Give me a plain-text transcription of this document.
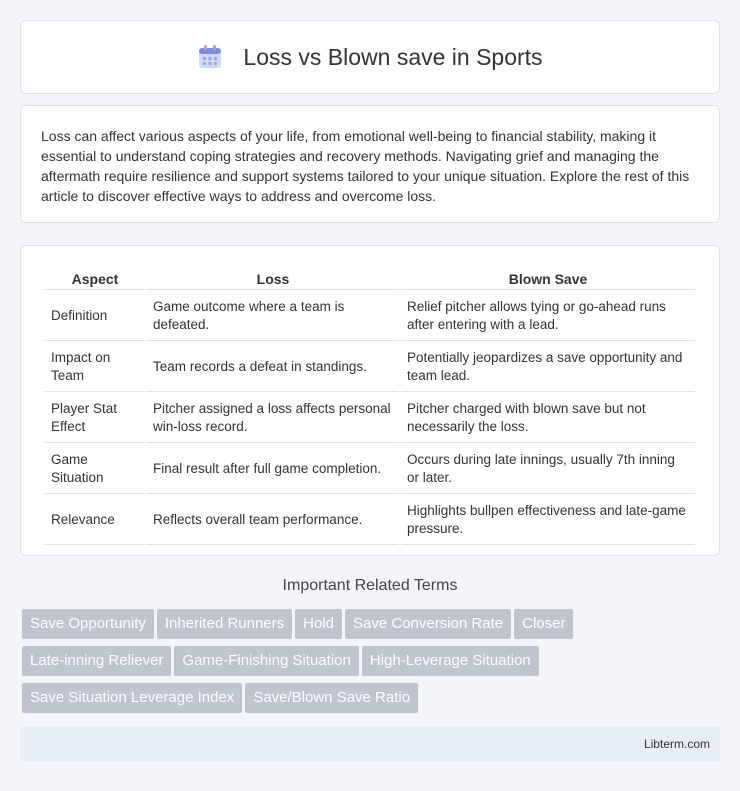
Loss vs Blown save in Sports

Loss can affect various aspects of your life, from emotional well-being to financial stability, making it essential to understand coping strategies and recovery methods. Navigating grief and managing the aftermath require resilience and support systems tailored to your unique situation. Explore the rest of this article to discover effective ways to address and overcome loss.

Aspect	Loss	Blown Save
Definition	Game outcome where a team is defeated.	Relief pitcher allows tying or go-ahead runs after entering with a lead.
Impact on Team	Team records a defeat in standings.	Potentially jeopardizes a save opportunity and team lead.
Player Stat Effect	Pitcher assigned a loss affects personal win-loss record.	Pitcher charged with blown save but not necessarily the loss.
Game Situation	Final result after full game completion.	Occurs during late innings, usually 7th inning or later.
Relevance	Reflects overall team performance.	Highlights bullpen effectiveness and late-game pressure.
Important Related Terms
Save Opportunity Inherited Runners Hold Save Conversion Rate Closer
Late-inning Reliever Game-Finishing Situation High-Leverage Situation
Save Situation Leverage Index Save/Blown Save Ratio
Libterm.com
